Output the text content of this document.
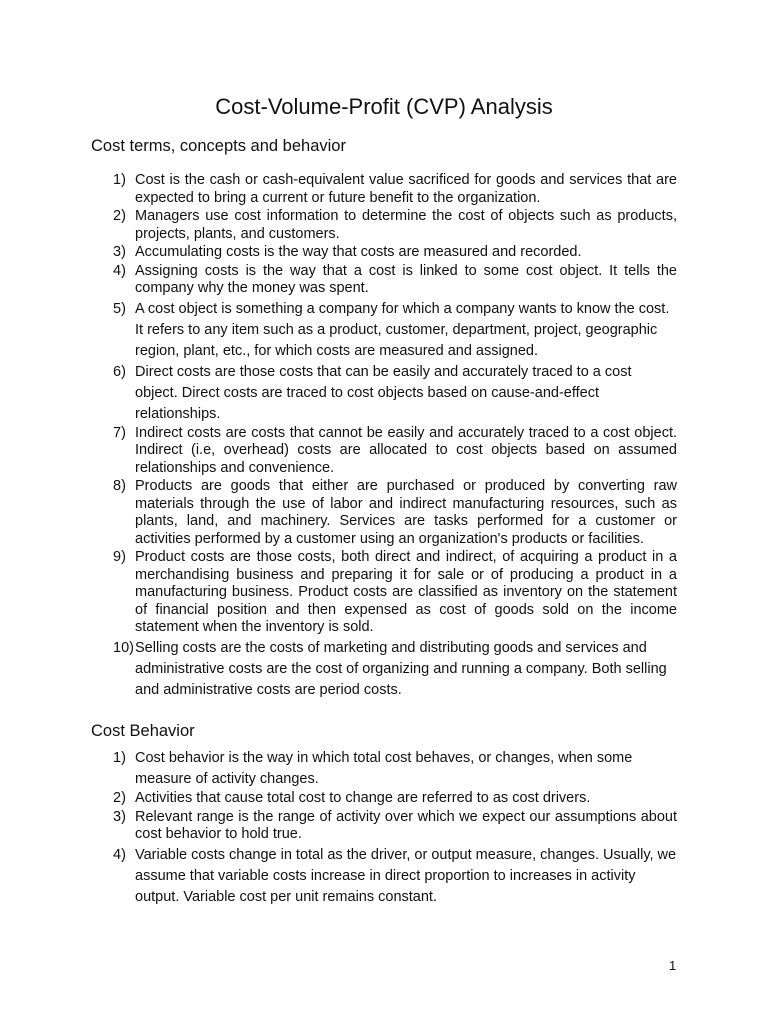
Cost-Volume-Profit (CVP) Analysis
Cost terms, concepts and behavior
1) Cost is the cash or cash-equivalent value sacrificed for goods and services that are expected to bring a current or future benefit to the organization.
2) Managers use cost information to determine the cost of objects such as products, projects, plants, and customers.
3) Accumulating costs is the way that costs are measured and recorded.
4) Assigning costs is the way that a cost is linked to some cost object. It tells the company why the money was spent.
5) A cost object is something a company for which a company wants to know the cost. It refers to any item such as a product, customer, department, project, geographic region, plant, etc., for which costs are measured and assigned.
6) Direct costs are those costs that can be easily and accurately traced to a cost object. Direct costs are traced to cost objects based on cause-and-effect relationships.
7) Indirect costs are costs that cannot be easily and accurately traced to a cost object. Indirect (i.e, overhead) costs are allocated to cost objects based on assumed relationships and convenience.
8) Products are goods that either are purchased or produced by converting raw materials through the use of labor and indirect manufacturing resources, such as plants, land, and machinery. Services are tasks performed for a customer or activities performed by a customer using an organization's products or facilities.
9) Product costs are those costs, both direct and indirect, of acquiring a product in a merchandising business and preparing it for sale or of producing a product in a manufacturing business. Product costs are classified as inventory on the statement of financial position and then expensed as cost of goods sold on the income statement when the inventory is sold.
10) Selling costs are the costs of marketing and distributing goods and services and administrative costs are the cost of organizing and running a company. Both selling and administrative costs are period costs.
Cost Behavior
1) Cost behavior is the way in which total cost behaves, or changes, when some measure of activity changes.
2) Activities that cause total cost to change are referred to as cost drivers.
3) Relevant range is the range of activity over which we expect our assumptions about cost behavior to hold true.
4) Variable costs change in total as the driver, or output measure, changes. Usually, we assume that variable costs increase in direct proportion to increases in activity output. Variable cost per unit remains constant.
1
